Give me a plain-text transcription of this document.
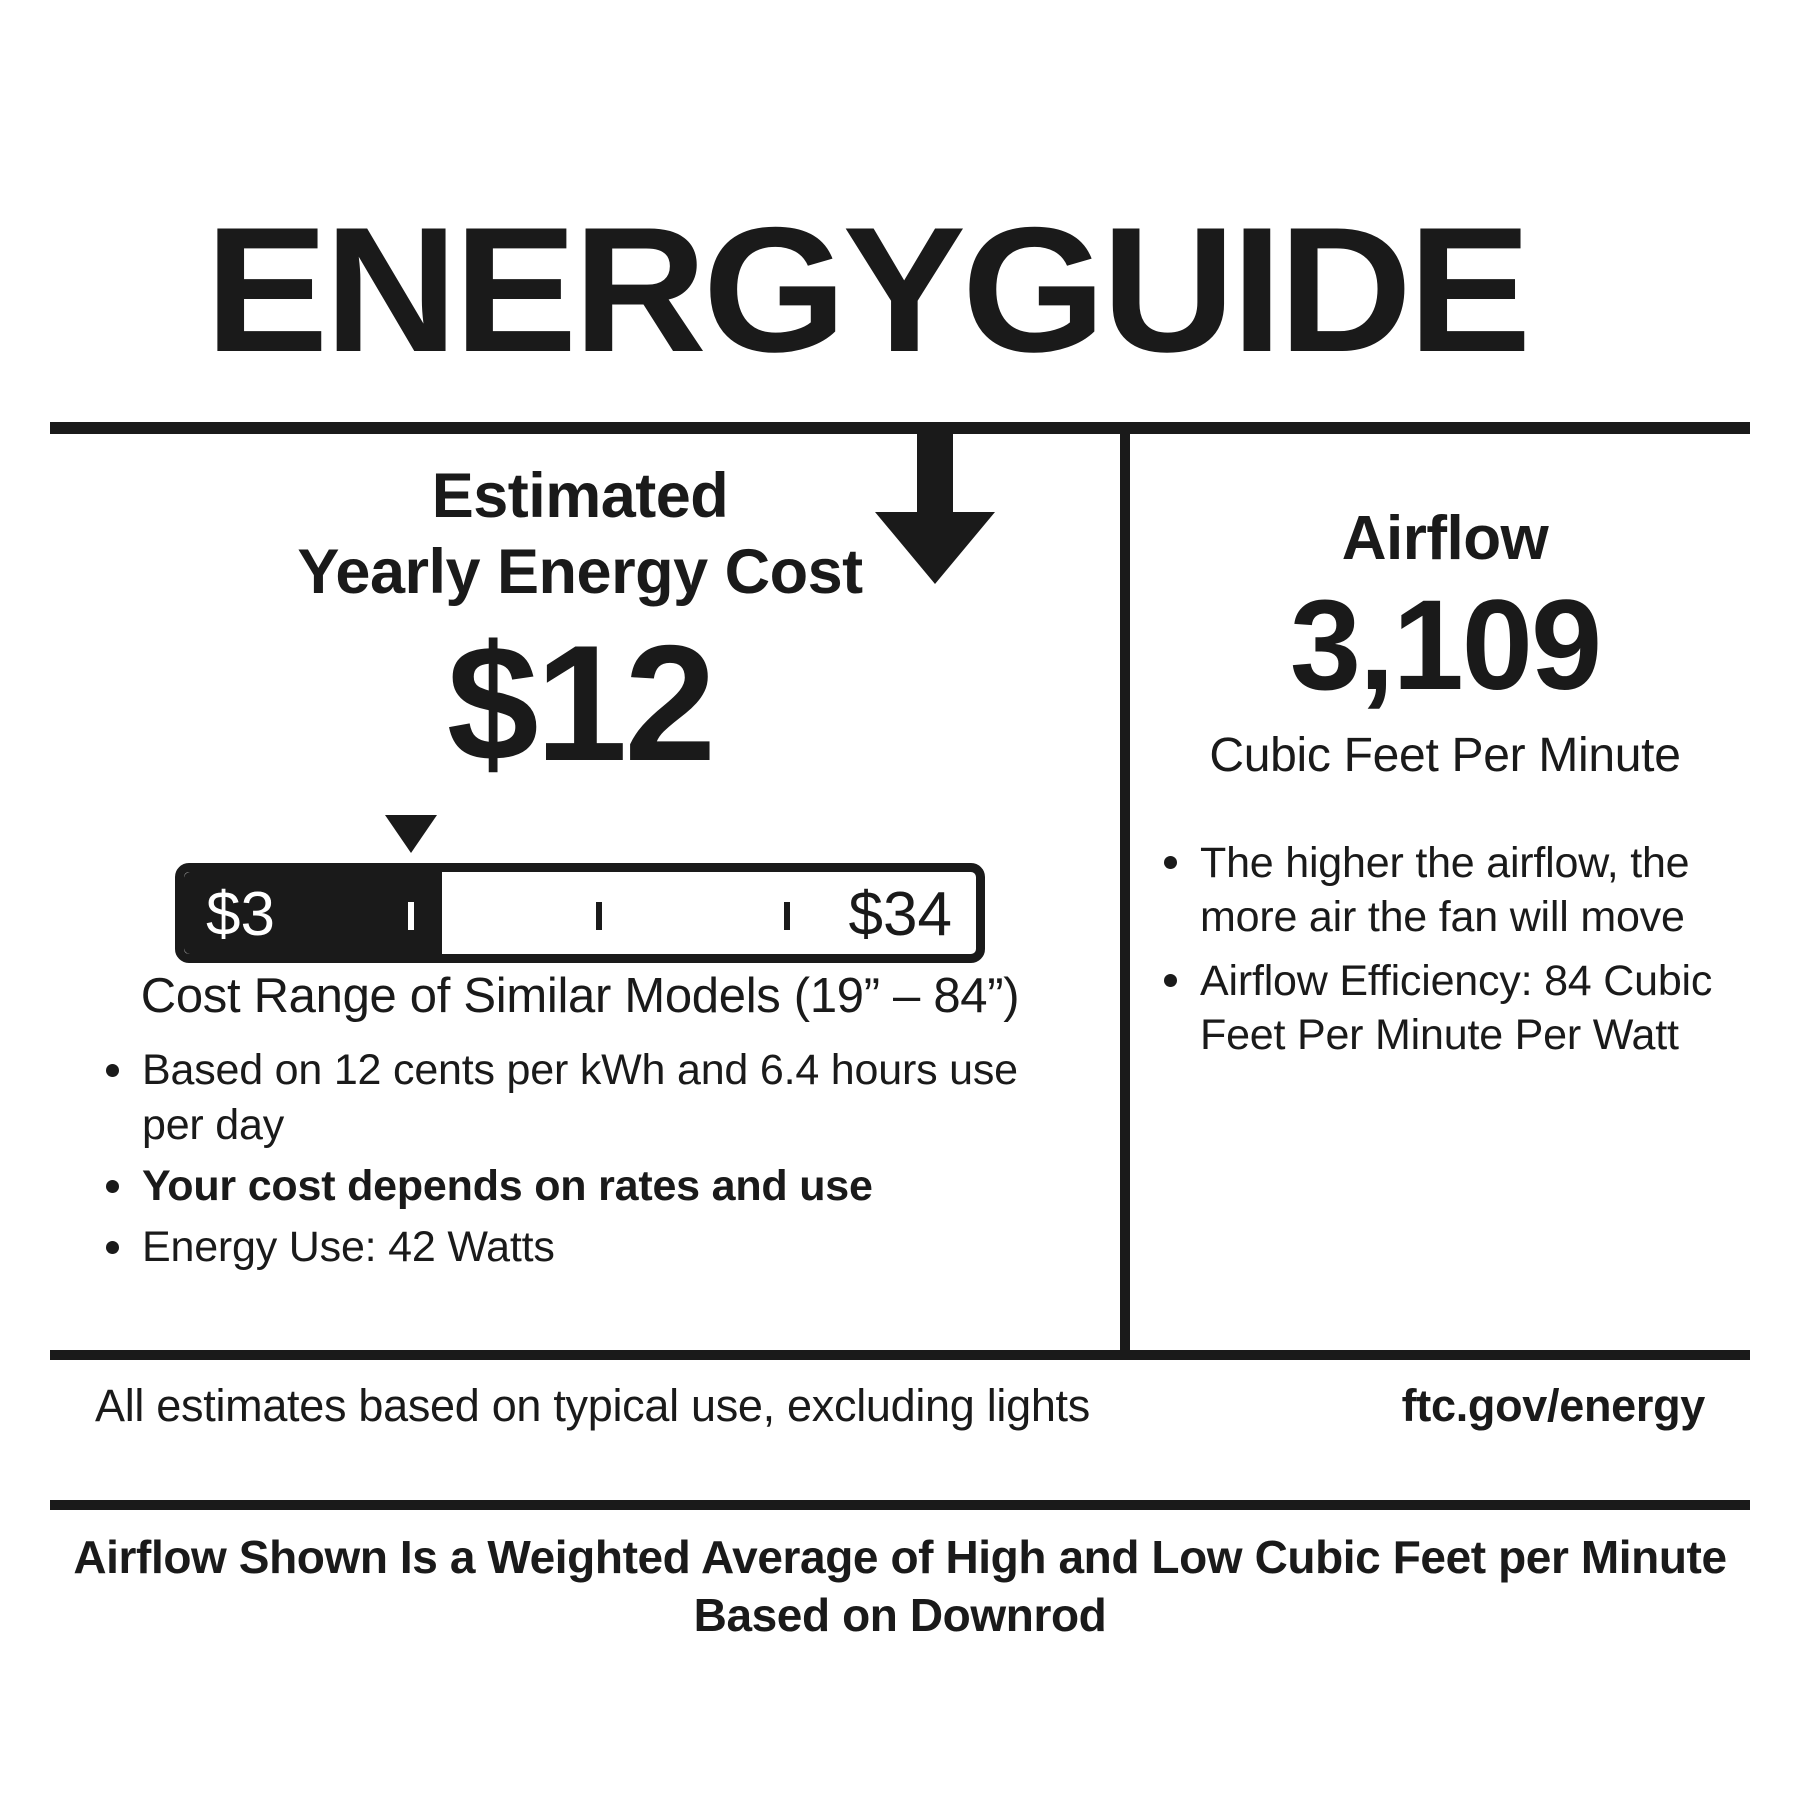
ENERGYGUIDE
Estimated
Yearly Energy Cost
$12
$3	$34
Cost Range of Similar Models (19” – 84”)
Based on 12 cents per kWh and 6.4 hours use per day
Your cost depends on rates and use
Energy Use: 42 Watts
Airflow
3,109
Cubic Feet Per Minute
The higher the airflow, the more air the fan will move
Airflow Efficiency: 84 Cubic Feet Per Minute Per Watt
All estimates based on typical use, excluding lights	ftc.gov/energy
Airflow Shown Is a Weighted Average of High and Low Cubic Feet per Minute Based on Downrod
